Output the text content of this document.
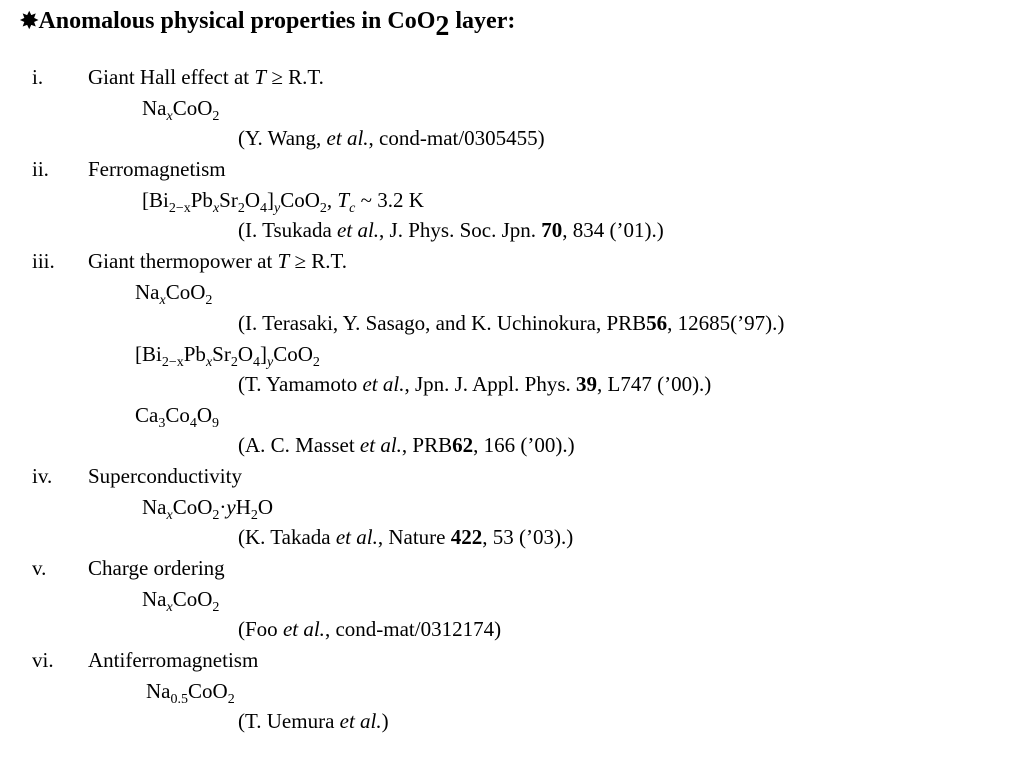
✸Anomalous physical properties in CoO$_2$ layer:
i. Giant Hall effect at T ≥ R.T.
$Na_xCoO_2$
(Y. Wang, et al., cond-mat/0305455)
ii. Ferromagnetism
$[Bi_{2-x}Pb_xSr_2O_4]_yCoO_2$, $T_c$ ~ 3.2 K
(I. Tsukada et al., J. Phys. Soc. Jpn. 70, 834 (’01).)
iii. Giant thermopower at T ≥ R.T.
$Na_xCoO_2$
(I. Terasaki, Y. Sasago, and K. Uchinokura, PRB56, 12685(’97).)
$[Bi_{2-x}Pb_xSr_2O_4]_yCoO_2$
(T. Yamamoto et al., Jpn. J. Appl. Phys. 39, L747 (’00).)
$Ca_3Co_4O_9$
(A. C. Masset et al., PRB62, 166 (’00).)
iv. Superconductivity
$Na_xCoO_2\cdot yH_2O$
(K. Takada et al., Nature 422, 53 (’03).)
v. Charge ordering
$Na_xCoO_2$
(Foo et al., cond-mat/0312174)
vi. Antiferromagnetism
$Na_{0.5}CoO_2$
(T. Uemura et al.)
